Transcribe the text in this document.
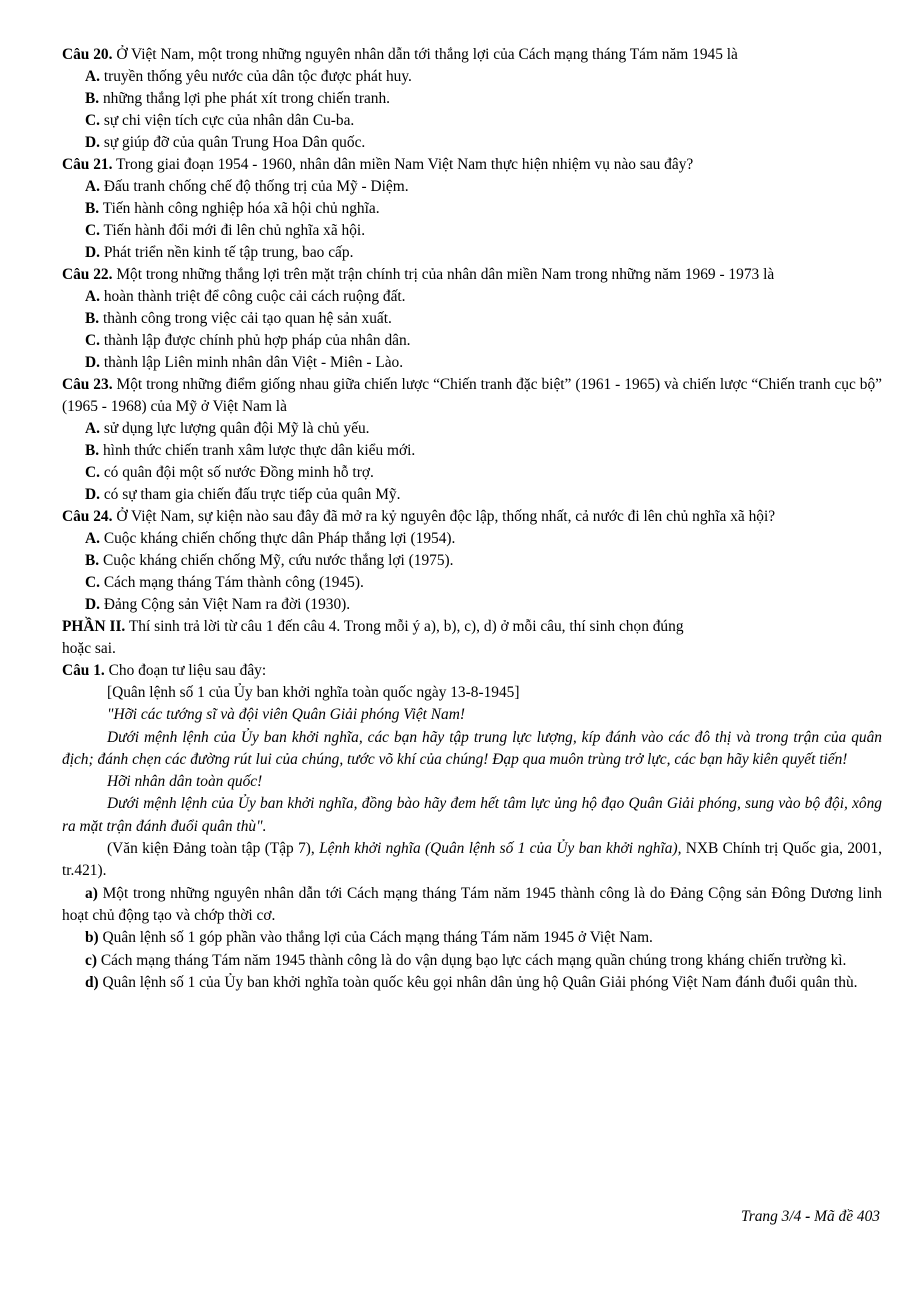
Câu 20. Ở Việt Nam, một trong những nguyên nhân dẫn tới thắng lợi của Cách mạng tháng Tám năm 1945 là

A. truyền thống yêu nước của dân tộc được phát huy.

B. những thắng lợi phe phát xít trong chiến tranh.

C. sự chi viện tích cực của nhân dân Cu-ba.

D. sự giúp đỡ của quân Trung Hoa Dân quốc.

Câu 21. Trong giai đoạn 1954 - 1960, nhân dân miền Nam Việt Nam thực hiện nhiệm vụ nào sau đây?

A. Đấu tranh chống chế độ thống trị của Mỹ - Diệm.

B. Tiến hành công nghiệp hóa xã hội chủ nghĩa.

C. Tiến hành đổi mới đi lên chủ nghĩa xã hội.

D. Phát triển nền kinh tế tập trung, bao cấp.

Câu 22. Một trong những thắng lợi trên mặt trận chính trị của nhân dân miền Nam trong những năm 1969 - 1973 là

A. hoàn thành triệt để công cuộc cải cách ruộng đất.

B. thành công trong việc cải tạo quan hệ sản xuất.

C. thành lập được chính phủ hợp pháp của nhân dân.

D. thành lập Liên minh nhân dân Việt - Miên - Lào.

Câu 23. Một trong những điểm giống nhau giữa chiến lược “Chiến tranh đặc biệt” (1961 - 1965) và chiến lược “Chiến tranh cục bộ” (1965 - 1968) của Mỹ ở Việt Nam là

A. sử dụng lực lượng quân đội Mỹ là chủ yếu.

B. hình thức chiến tranh xâm lược thực dân kiểu mới.

C. có quân đội một số nước Đồng minh hỗ trợ.

D. có sự tham gia chiến đấu trực tiếp của quân Mỹ.

Câu 24. Ở Việt Nam, sự kiện nào sau đây đã mở ra kỷ nguyên độc lập, thống nhất, cả nước đi lên chủ nghĩa xã hội?

A. Cuộc kháng chiến chống thực dân Pháp thắng lợi (1954).

B. Cuộc kháng chiến chống Mỹ, cứu nước thắng lợi (1975).

C. Cách mạng tháng Tám thành công (1945).

D. Đảng Cộng sản Việt Nam ra đời (1930).

PHẦN II. Thí sinh trả lời từ câu 1 đến câu 4. Trong mỗi ý a), b), c), d) ở mỗi câu, thí sinh chọn đúng

hoặc sai.

Câu 1. Cho đoạn tư liệu sau đây:

[Quân lệnh số 1 của Ủy ban khởi nghĩa toàn quốc ngày 13-8-1945]

"Hỡi các tướng sĩ và đội viên Quân Giải phóng Việt Nam!

Dưới mệnh lệnh của Ủy ban khởi nghĩa, các bạn hãy tập trung lực lượng, kíp đánh vào các đô thị và trong trận của quân địch; đánh chẹn các đường rút lui của chúng, tước võ khí của chúng! Đạp qua muôn trùng trở lực, các bạn hãy kiên quyết tiến!

Hỡi nhân dân toàn quốc!

Dưới mệnh lệnh của Ủy ban khởi nghĩa, đồng bào hãy đem hết tâm lực ủng hộ đạo Quân Giải phóng, sung vào bộ đội, xông ra mặt trận đánh đuổi quân thù".

(Văn kiện Đảng toàn tập (Tập 7), Lệnh khởi nghĩa (Quân lệnh số 1 của Ủy ban khởi nghĩa), NXB Chính trị Quốc gia, 2001, tr.421).

a) Một trong những nguyên nhân dẫn tới Cách mạng tháng Tám năm 1945 thành công là do Đảng Cộng sản Đông Dương linh hoạt chủ động tạo và chớp thời cơ.

b) Quân lệnh số 1 góp phần vào thắng lợi của Cách mạng tháng Tám năm 1945 ở Việt Nam.

c) Cách mạng tháng Tám năm 1945 thành công là do vận dụng bạo lực cách mạng quần chúng trong kháng chiến trường kì.

d) Quân lệnh số 1 của Ủy ban khởi nghĩa toàn quốc kêu gọi nhân dân ủng hộ Quân Giải phóng Việt Nam đánh đuổi quân thù.

Trang 3/4 - Mã đề 403
